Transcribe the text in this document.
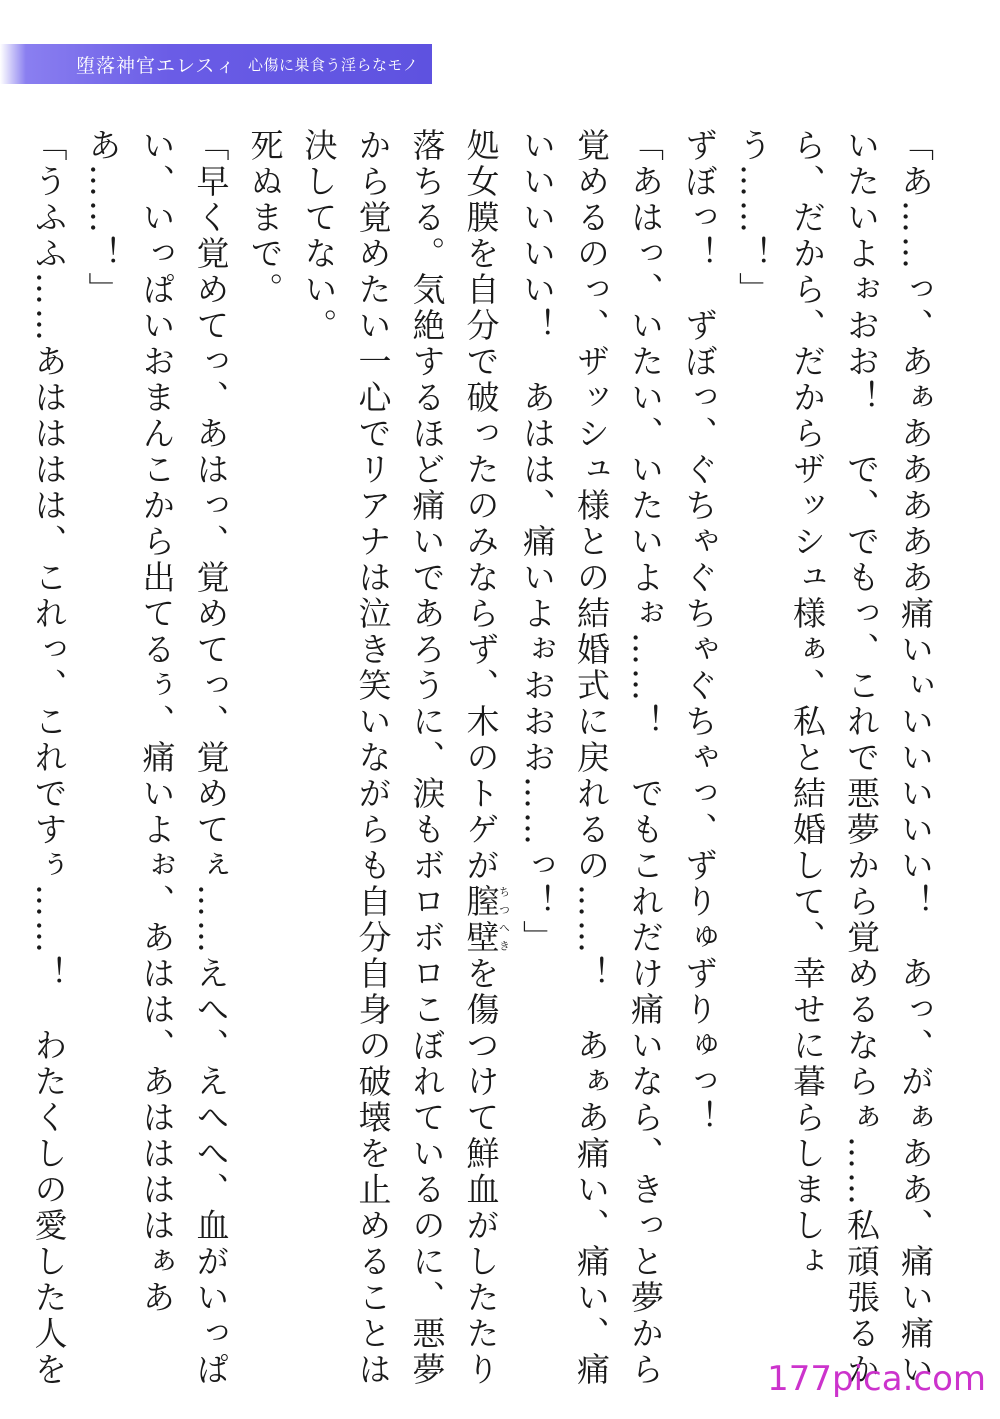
堕落神官エレスィ 心傷に巣食う淫らなモノ

「あ……っ、あぁあああああ痛いぃいいいいい！　あっ、がぁああ、痛い痛いいたいよぉおお！　で、でもっ、これで悪夢から覚めるならぁ……私頑張るから、だから、だからザッシュ様ぁ、私と結婚して、幸せに暮らしましょう……！」

ずぼっ！　ずぼっ、ぐちゃぐちゃぐちゃっ、ずりゅずりゅっ！

「あはっ、いたい、いたいよぉ……！　でもこれだけ痛いなら、きっと夢から覚めるのっ、ザッシュ様との結婚式に戻れるの……！　あぁあ痛い、痛い、痛いいいいい！　あはは、痛いよぉおおお……っ！」

処女膜を自分で破ったのみならず、木のトゲが膣壁ちつへきを傷つけて鮮血がしたたり落ちる。気絶するほど痛いであろうに、涙もボロボロこぼれているのに、悪夢から覚めたい一心でリアナは泣き笑いながらも自分自身の破壊を止めることは決してない。

死ぬまで。

「早く覚めてっ、あはっ、覚めてっ、覚めてぇ……えへ、えへへ、血がいっぱい、いっぱいおまんこから出てるぅ、痛いよぉ、あはは、あははははぁああ……！」

「うふふ……あはははは、これっ、これですぅ……！　わたくしの愛した人を	177pica.com
